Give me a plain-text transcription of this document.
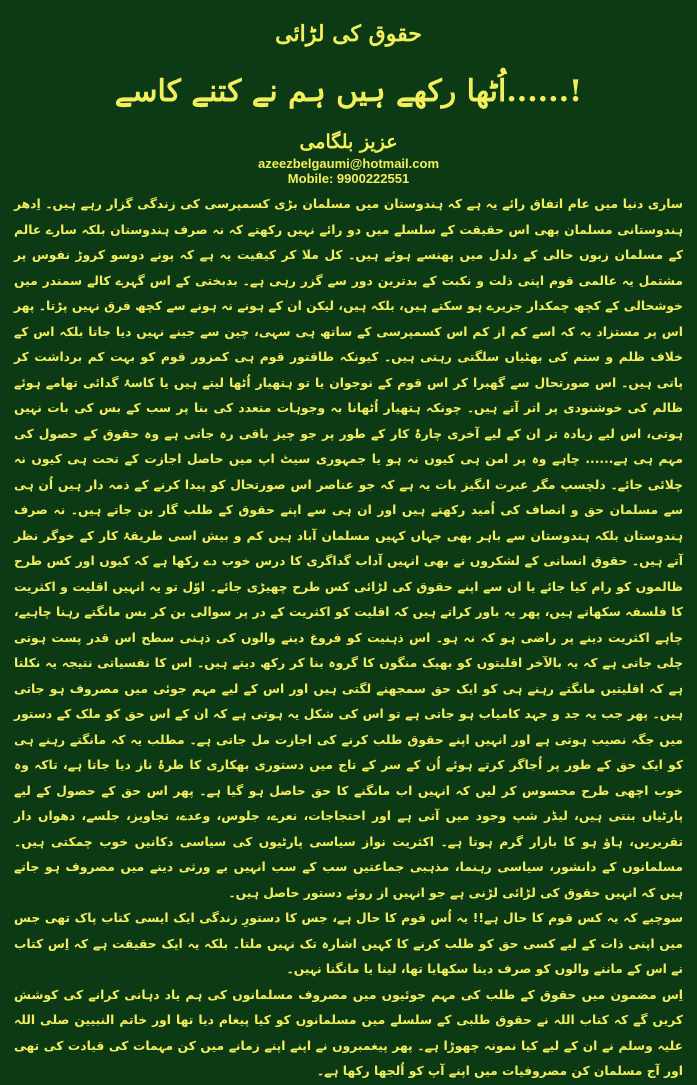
حقوق کی لڑائی
اُٹھا رکھے ہیں ہم نے کتنے کاسے......!
عزیز بلگامی
azeezbelgaumi@hotmail.com
Mobile: 9900222551

ساری دنیا میں عام اتفاق رائے یہ ہے کہ ہندوستان میں مسلمان بڑی کسمپرسی کی زندگی گزار رہے ہیں۔ اِدھر ہندوستانی مسلمان بھی اس حقیقت کے سلسلے میں دو رائے نہیں رکھتے کہ نہ صرف ہندوستان بلکہ سارے عالم کے مسلمان زبوں حالی کے دلدل میں پھنسے ہوئے ہیں۔ کل ملا کر کیفیت یہ ہے کہ پونے دوسو کروڑ نفوس پر مشتمل یہ عالمی قوم اپنی ذلت و نکبت کے بدترین دور سے گزر رہی ہے۔ بدبختی کے اس گہرے کالے سمندر میں خوشحالی کے کچھ چمکدار جزیرے ہو سکتے ہیں، بلکہ ہیں، لیکن ان کے ہونے نہ ہونے سے کچھ فرق نہیں پڑتا۔ پھر اس پر مستزاد یہ کہ اسے کم از کم اس کسمپرسی کے ساتھ ہی سہی، چین سے جینے نہیں دیا جاتا بلکہ اس کے خلاف ظلم و ستم کی بھٹیاں سلگتی رہتی ہیں۔ کیونکہ طاقتور قوم ہی کمزور قوم کو بہت کم برداشت کر پاتی ہیں۔ اس صورتحال سے گھبرا کر اس قوم کے نوجوان یا تو ہتھیار اُٹھا لیتے ہیں یا کاسۂ گدائی تھامے ہوئے ظالم کی خوشنودی پر اتر آتے ہیں۔ چونکہ ہتھیار اُٹھانا بہ وجوہات متعدد کی بنا پر سب کے بس کی بات نہیں ہوتی، اس لیے زیادہ تر ان کے لیے آخری چارۂ کار کے طور پر جو چیز باقی رہ جاتی ہے وہ حقوق کے حصول کی مہم ہی ہے...... چاہے وہ پر امن ہی کیوں نہ ہو یا جمہوری سیٹ اپ میں حاصل اجازت کے تحت ہی کیوں نہ چلائی جائے۔ دلچسپ مگر عبرت انگیز بات یہ ہے کہ جو عناصر اس صورتحال کو پیدا کرنے کے ذمہ دار ہیں اُن ہی سے مسلمان حق و انصاف کی اُمید رکھتے ہیں اور ان ہی سے اپنے حقوق کے طلب گار بن جاتے ہیں۔ نہ صرف ہندوستان بلکہ ہندوستان سے باہر بھی جہاں کہیں مسلمان آباد ہیں کم و بیش اسی طریقۂ کار کے خوگر نظر آتے ہیں۔ حقوق انسانی کے لشکروں نے بھی انہیں آداب گداگری کا درس خوب دے رکھا ہے کہ کیوں اور کس طرح ظالموں کو رام کیا جائے یا ان سے اپنے حقوق کی لڑائی کس طرح چھیڑی جائے۔ اوّل تو یہ انہیں اقلیت و اکثریت کا فلسفہ سکھاتے ہیں، پھر یہ باور کراتے ہیں کہ اقلیت کو اکثریت کے در پر سوالی بن کر بس مانگتے رہنا چاہیے، چاہے اکثریت دینے پر راضی ہو کہ نہ ہو۔ اس ذہنیت کو فروغ دینے والوں کی ذہنی سطح اس قدر پست ہوتی چلی جاتی ہے کہ یہ بالآخر اقلیتوں کو بھیک منگوں کا گروہ بنا کر رکھ دیتے ہیں۔ اس کا نفسیاتی نتیجہ یہ نکلتا ہے کہ اقلیتیں مانگتے رہنے ہی کو ایک حق سمجھنے لگتی ہیں اور اس کے لیے مہم جوئی میں مصروف ہو جاتی ہیں۔ پھر جب یہ جد و جہد کامیاب ہو جاتی ہے تو اس کی شکل یہ ہوتی ہے کہ ان کے اس حق کو ملک کے دستور میں جگہ نصیب ہوتی ہے اور انہیں اپنے حقوق طلب کرنے کی اجازت مل جاتی ہے۔ مطلب یہ کہ مانگتے رہنے ہی کو ایک حق کے طور پر اُجاگر کرتے ہوئے اُن کے سر کے تاج میں دستوری بھکاری کا طرۂ ناز دیا جاتا ہے، تاکہ وہ خوب اچھی طرح محسوس کر لیں کہ انہیں اب مانگنے کا حق حاصل ہو گیا ہے۔ پھر اس حق کے حصول کے لیے پارٹیاں بنتی ہیں، لیڈر شپ وجود میں آتی ہے اور احتجاجات، نعرے، جلوس، وعدے، تجاویز، جلسے، دھواں دار تقریریں، ہاؤ ہو کا بازار گرم ہوتا ہے۔ اکثریت نواز سیاسی پارٹیوں کی سیاسی دکانیں خوب چمکتی ہیں۔ مسلمانوں کے دانشور، سیاسی رہنما، مذہبی جماعتیں سب کے سب انہیں بے ورثی دینے میں مصروف ہو جاتے ہیں کہ انہیں حقوق کی لڑائی لڑنی ہے جو انہیں از روئے دستور حاصل ہیں۔

سوچیے کہ یہ کس قوم کا حال ہے!! یہ اُس قوم کا حال ہے، جس کا دستورِ زندگی ایک ایسی کتاب پاک تھی جس میں اپنی ذات کے لیے کسی حق کو طلب کرنے کا کہیں اشارہ تک نہیں ملتا۔ بلکہ یہ ایک حقیقت ہے کہ اِس کتاب نے اس کے ماننے والوں کو صرف دینا سکھایا تھا، لینا یا مانگنا نہیں۔

اِس مضمون میں حقوق کے طلب کی مہم جوئیوں میں مصروف مسلمانوں کی ہم یاد دہانی کرانے کی کوشش کریں گے کہ کتاب اللہ نے حقوق طلبی کے سلسلے میں مسلمانوں کو کیا پیغام دیا تھا اور خاتم النبیین صلی اللہ علیہ وسلم نے ان کے لیے کیا نمونہ چھوڑا ہے۔ پھر پیغمبروں نے اپنے اپنے زمانے میں کن مہمات کی قیادت کی تھی اور آج مسلمان کن مصروفیات میں اپنے آپ کو اُلجھا رکھا ہے۔
